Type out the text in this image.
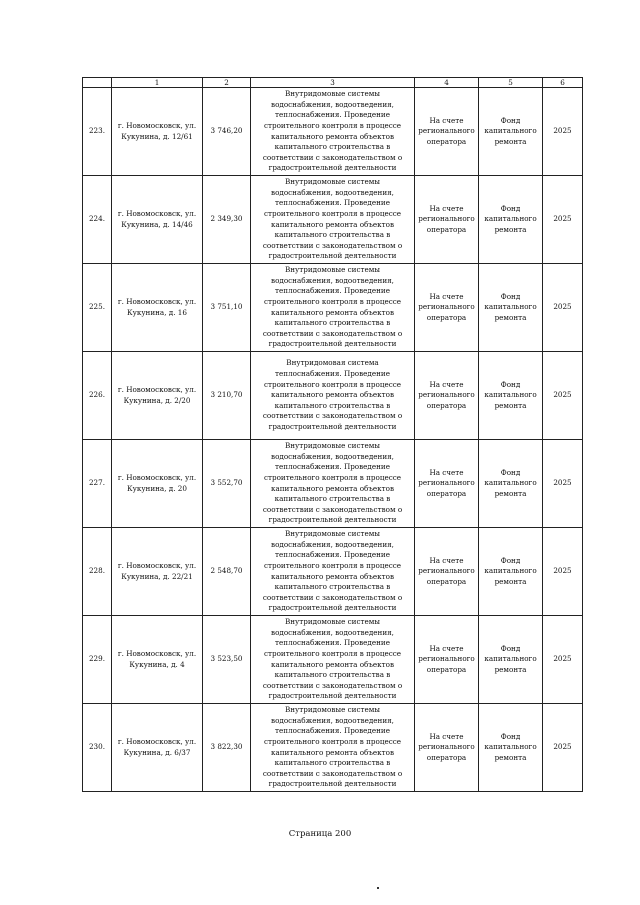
	1	2	3	4	5	6
223.	г. Новомосковск, ул. Кукунина, д. 12/61	3 746,20	Внутридомовые системы водоснабжения, водоотведения, теплоснабжения. Проведение строительного контроля в процессе капитального ремонта объектов капитального строительства в соответствии с законодательством о градостроительной деятельности	На счете регионального оператора	Фонд капитального ремонта	2025
224.	г. Новомосковск, ул. Кукунина, д. 14/46	2 349,30	Внутридомовые системы водоснабжения, водоотведения, теплоснабжения. Проведение строительного контроля в процессе капитального ремонта объектов капитального строительства в соответствии с законодательством о градостроительной деятельности	На счете регионального оператора	Фонд капитального ремонта	2025
225.	г. Новомосковск, ул. Кукунина, д. 16	3 751,10	Внутридомовые системы водоснабжения, водоотведения, теплоснабжения. Проведение строительного контроля в процессе капитального ремонта объектов капитального строительства в соответствии с законодательством о градостроительной деятельности	На счете регионального оператора	Фонд капитального ремонта	2025
226.	г. Новомосковск, ул. Кукунина, д. 2/20	3 210,70	Внутридомовая система теплоснабжения. Проведение строительного контроля в процессе капитального ремонта объектов капитального строительства в соответствии с законодательством о градостроительной деятельности	На счете регионального оператора	Фонд капитального ремонта	2025
227.	г. Новомосковск, ул. Кукунина, д. 20	3 552,70	Внутридомовые системы водоснабжения, водоотведения, теплоснабжения. Проведение строительного контроля в процессе капитального ремонта объектов капитального строительства в соответствии с законодательством о градостроительной деятельности	На счете регионального оператора	Фонд капитального ремонта	2025
228.	г. Новомосковск, ул. Кукунина, д. 22/21	2 548,70	Внутридомовые системы водоснабжения, водоотведения, теплоснабжения. Проведение строительного контроля в процессе капитального ремонта объектов капитального строительства в соответствии с законодательством о градостроительной деятельности	На счете регионального оператора	Фонд капитального ремонта	2025
229.	г. Новомосковск, ул. Кукунина, д. 4	3 523,50	Внутридомовые системы водоснабжения, водоотведения, теплоснабжения. Проведение строительного контроля в процессе капитального ремонта объектов капитального строительства в соответствии с законодательством о градостроительной деятельности	На счете регионального оператора	Фонд капитального ремонта	2025
230.	г. Новомосковск, ул. Кукунина, д. 6/37	3 822,30	Внутридомовые системы водоснабжения, водоотведения, теплоснабжения. Проведение строительного контроля в процессе капитального ремонта объектов капитального строительства в соответствии с законодательством о градостроительной деятельности	На счете регионального оператора	Фонд капитального ремонта	2025
Страница 200
